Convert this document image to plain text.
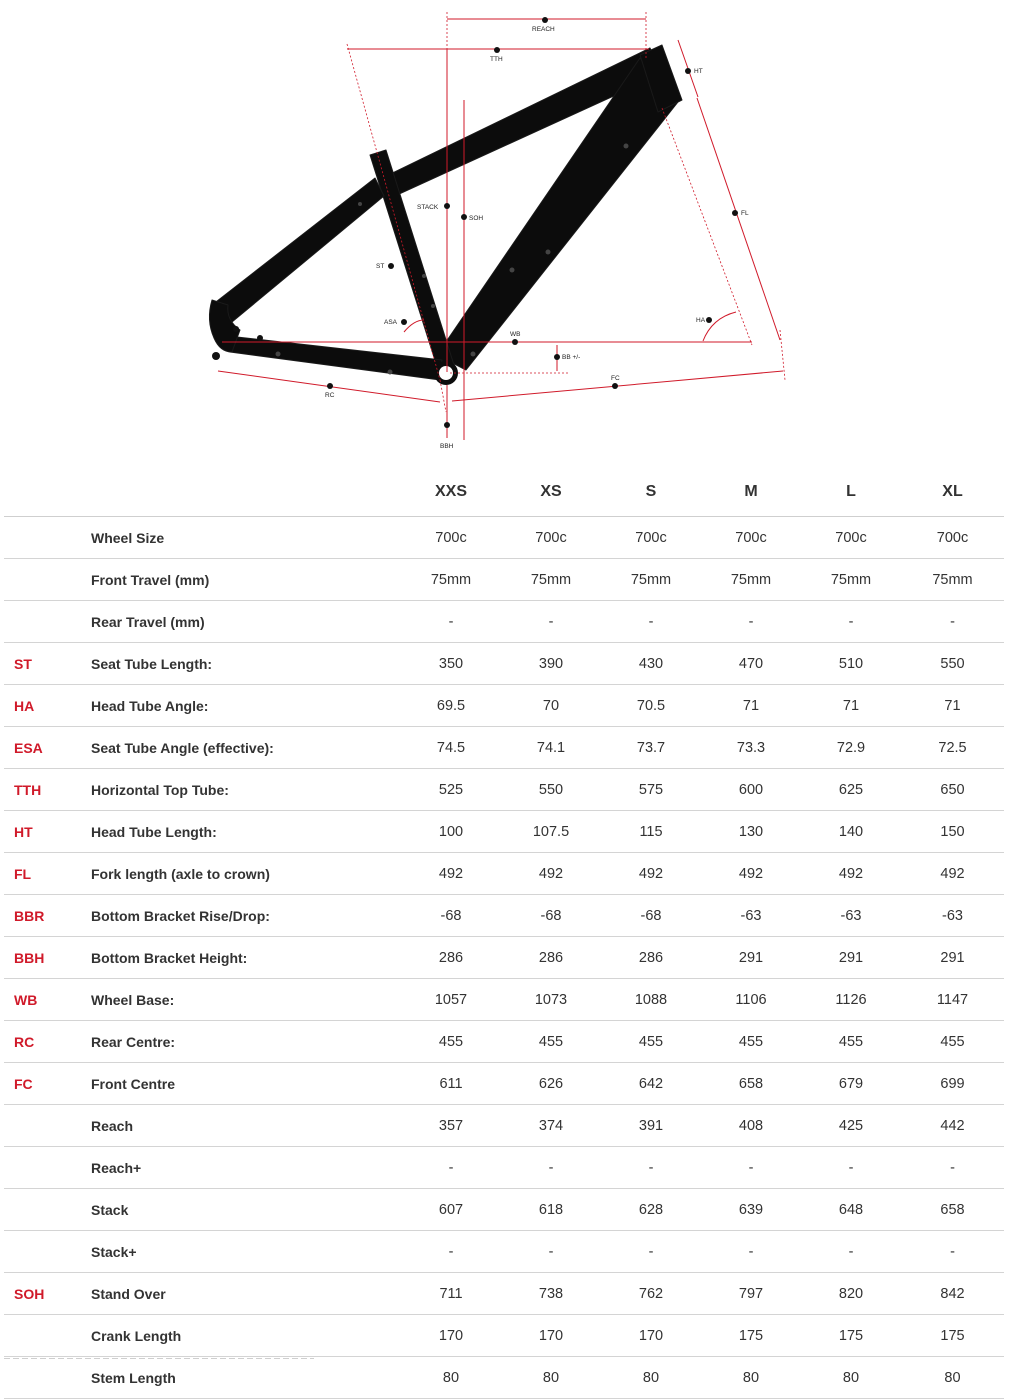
REACH
TTH
HT
STACK
SOH
ST
FL
ASA
WB
HA
BB +/-
FC
RC
BBH
		XXS	XS	S	M	L	XL
	Wheel Size	700c	700c	700c	700c	700c	700c
	Front Travel (mm)	75mm	75mm	75mm	75mm	75mm	75mm
	Rear Travel (mm)	-	-	-	-	-	-
ST	Seat Tube Length:	350	390	430	470	510	550
HA	Head Tube Angle:	69.5	70	70.5	71	71	71
ESA	Seat Tube Angle (effective):	74.5	74.1	73.7	73.3	72.9	72.5
TTH	Horizontal Top Tube:	525	550	575	600	625	650
HT	Head Tube Length:	100	107.5	115	130	140	150
FL	Fork length (axle to crown)	492	492	492	492	492	492
BBR	Bottom Bracket Rise/Drop:	-68	-68	-68	-63	-63	-63
BBH	Bottom Bracket Height:	286	286	286	291	291	291
WB	Wheel Base:	1057	1073	1088	1106	1126	1147
RC	Rear Centre:	455	455	455	455	455	455
FC	Front Centre	611	626	642	658	679	699
	Reach	357	374	391	408	425	442
	Reach+	-	-	-	-	-	-
	Stack	607	618	628	639	648	658
	Stack+	-	-	-	-	-	-
SOH	Stand Over	711	738	762	797	820	842
	Crank Length	170	170	170	175	175	175
	Stem Length	80	80	80	80	80	80
